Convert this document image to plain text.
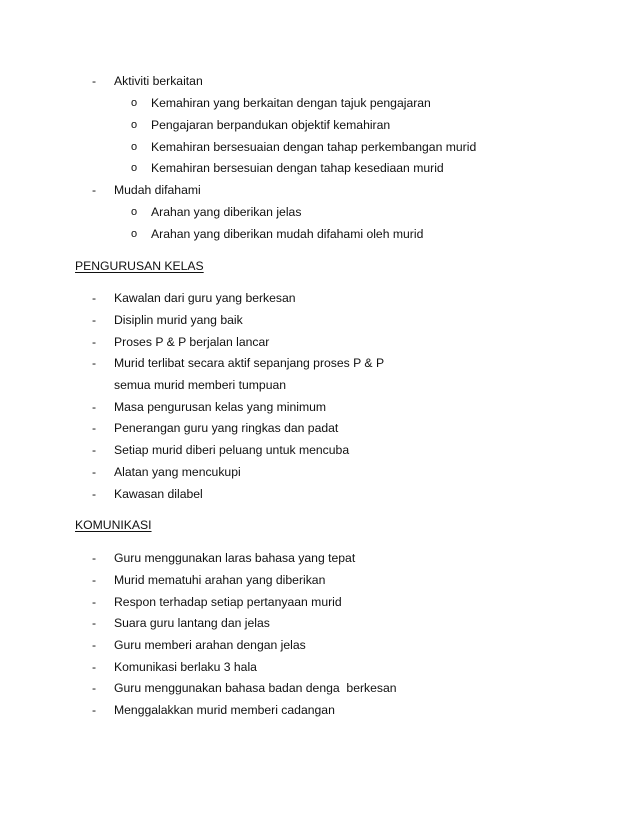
-	Aktiviti berkaitan
o	Kemahiran yang berkaitan dengan tajuk pengajaran
o	Pengajaran berpandukan objektif kemahiran
o	Kemahiran bersesuaian dengan tahap perkembangan murid
o	Kemahiran bersesuian dengan tahap kesediaan murid
-	Mudah difahami
o	Arahan yang diberikan jelas
o	Arahan yang diberikan mudah difahami oleh murid
PENGURUSAN KELAS
-	Kawalan dari guru yang berkesan
-	Disiplin murid yang baik
-	Proses P & P berjalan lancar
-	Murid terlibat secara aktif sepanjang proses P & P
semua murid memberi tumpuan
-	Masa pengurusan kelas yang minimum
-	Penerangan guru yang ringkas dan padat
-	Setiap murid diberi peluang untuk mencuba
-	Alatan yang mencukupi
-	Kawasan dilabel
KOMUNIKASI
-	Guru menggunakan laras bahasa yang tepat
-	Murid mematuhi arahan yang diberikan
-	Respon terhadap setiap pertanyaan murid
-	Suara guru lantang dan jelas
-	Guru memberi arahan dengan jelas
-	Komunikasi berlaku 3 hala
-	Guru menggunakan bahasa badan denga  berkesan
-	Menggalakkan murid memberi cadangan
